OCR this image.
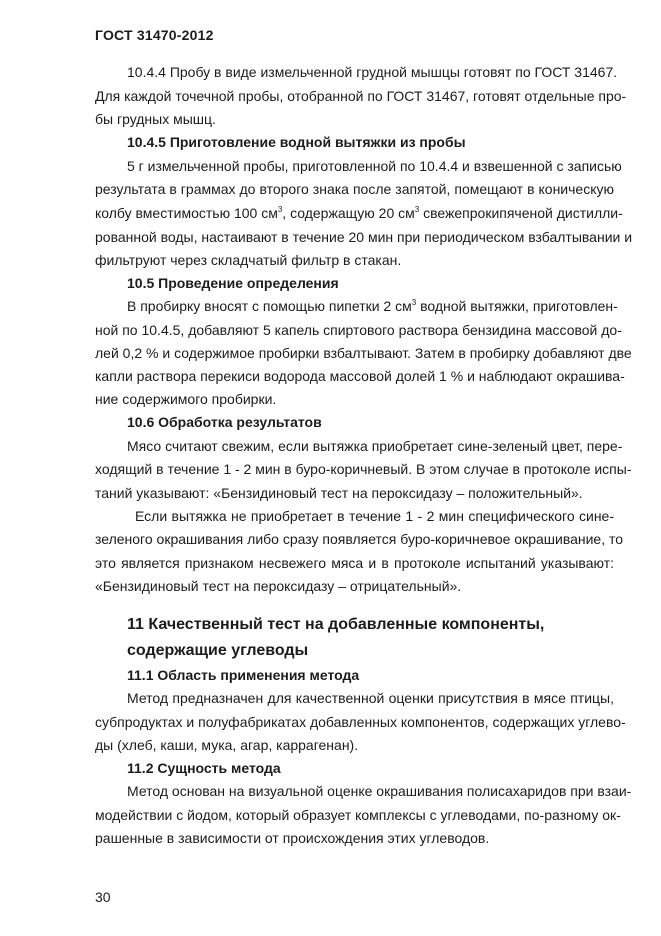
ГОСТ 31470-2012
10.4.4 Пробу в виде измельченной грудной мышцы готовят по ГОСТ 31467.
Для каждой точечной пробы, отобранной по ГОСТ 31467, готовят отдельные про-
бы грудных мышц.
10.4.5 Приготовление водной вытяжки из пробы
5 г измельченной пробы, приготовленной по 10.4.4 и взвешенной с записью
результата в граммах до второго знака после запятой, помещают в коническую
колбу вместимостью 100 $см^3$, содержащую 20 $см^3$ свежепрокипяченой дистилли-
рованной воды, настаивают в течение 20 мин при периодическом взбалтывании и
фильтруют через складчатый фильтр в стакан.
10.5 Проведение определения
В пробирку вносят с помощью пипетки 2 $см^3$ водной вытяжки, приготовлен-
ной по 10.4.5, добавляют 5 капель спиртового раствора бензидина массовой до-
лей 0,2 % и содержимое пробирки взбалтывают. Затем в пробирку добавляют две
капли раствора перекиси водорода массовой долей 1 % и наблюдают окрашива-
ние содержимого пробирки.
10.6 Обработка результатов
Мясо считают свежим, если вытяжка приобретает сине-зеленый цвет, пере-
ходящий в течение 1 - 2 мин в буро-коричневый. В этом случае в протоколе испы-
таний указывают: «Бензидиновый тест на пероксидазу – положительный».
Если вытяжка не приобретает в течение 1 - 2 мин специфического сине-
зеленого окрашивания либо сразу появляется буро-коричневое окрашивание, то
это является признаком несвежего мяса и в протоколе испытаний указывают:
«Бензидиновый тест на пероксидазу – отрицательный».
11 Качественный тест на добавленные компоненты,
содержащие углеводы
11.1 Область применения метода
Метод предназначен для качественной оценки присутствия в мясе птицы,
субпродуктах и полуфабрикатах добавленных компонентов, содержащих углево-
ды (хлеб, каши, мука, агар, каррагенан).
11.2 Сущность метода
Метод основан на визуальной оценке окрашивания полисахаридов при взаи-
модействии с йодом, который образует комплексы с углеводами, по-разному ок-
рашенные в зависимости от происхождения этих углеводов.
30
